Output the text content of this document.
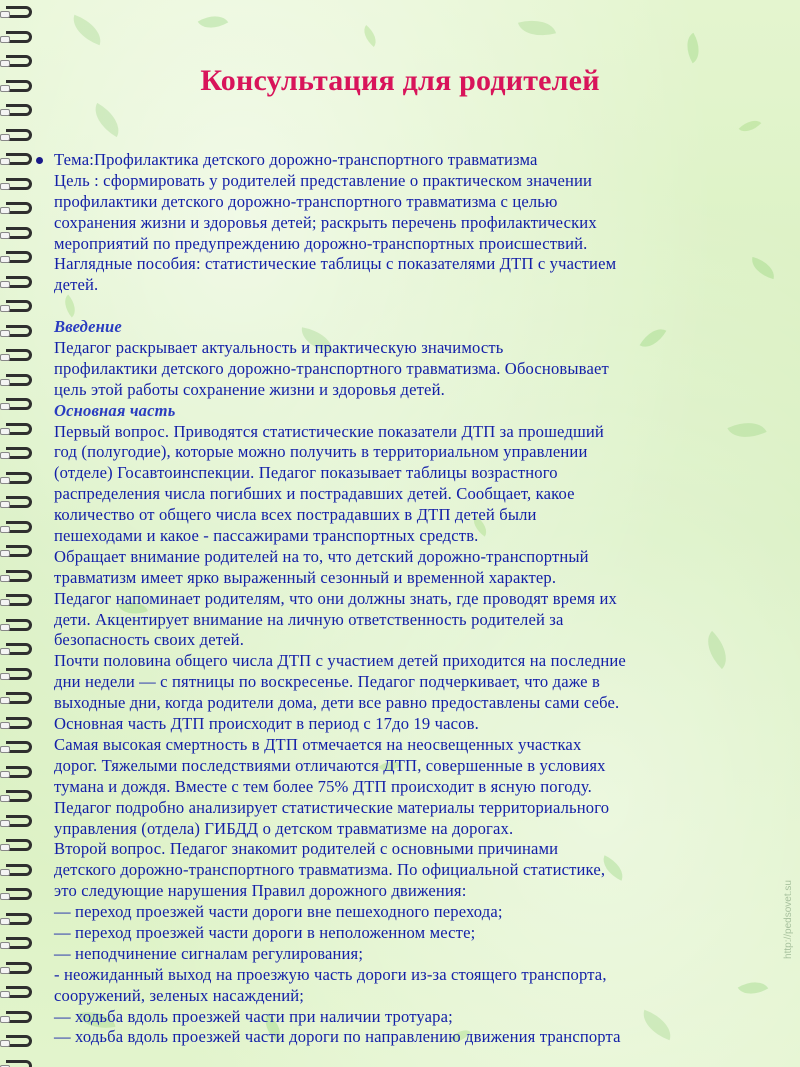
Консультация для родителей
Тема:Профилактика детского дорожно-транспортного травматизма
Цель : сформировать у родителей представление о практическом значении
профилактики детского дорожно-транспортного травматизма с целью
сохранения жизни и здоровья детей; раскрыть перечень профилактических
мероприятий по предупреждению дорожно-транспортных происшествий.
Наглядные пособия: статистические таблицы с показателями ДТП с участием
детей.
Введение
Педагог раскрывает актуальность и практическую значимость
профилактики детского дорожно-транспортного травматизма. Обосновывает
цель этой работы сохранение жизни и здоровья детей.
Основная часть
Первый вопрос. Приводятся статистические показатели ДТП за прошедший
год (полугодие), которые можно получить в территориальном управлении
(отделе) Госавтоинспекции. Педагог показывает таблицы возрастного
распределения числа погибших и пострадавших детей. Сообщает, какое
количество от общего числа всех пострадавших в ДТП детей были
пешеходами и какое - пассажирами транспортных средств.
Обращает внимание родителей на то, что детский дорожно-транспортный
травматизм имеет ярко выраженный сезонный и временной характер.
Педагог напоминает родителям, что они должны знать, где проводят время их
дети. Акцентирует внимание на личную ответственность родителей за
безопасность своих детей.
Почти половина общего числа ДТП с участием детей приходится на последние
дни недели — с пятницы по воскресенье. Педагог подчеркивает, что даже в
выходные дни, когда родители дома, дети все равно предоставлены сами себе.
Основная часть ДТП происходит в период с 17до 19 часов.
Самая высокая смертность в ДТП отмечается на неосвещенных участках
дорог. Тяжелыми последствиями отличаются ДТП, совершенные в условиях
тумана и дождя. Вместе с тем более 75% ДТП происходит в ясную погоду.
Педагог подробно анализирует статистические материалы территориального
управления (отдела) ГИБДД о детском травматизме на дорогах.
Второй вопрос. Педагог знакомит родителей с основными причинами
детского дорожно-транспортного травматизма. По официальной статистике,
это следующие нарушения Правил дорожного движения:
— переход проезжей части дороги вне пешеходного перехода;
— переход проезжей части дороги в неположенном месте;
— неподчинение сигналам регулирования;
- неожиданный выход на проезжую часть дороги из-за стоящего транспорта,
сооружений, зеленых насаждений;
— ходьба вдоль проезжей части при наличии тротуара;
— ходьба вдоль проезжей части дороги по направлению движения транспорта
http://pedsovet.su
